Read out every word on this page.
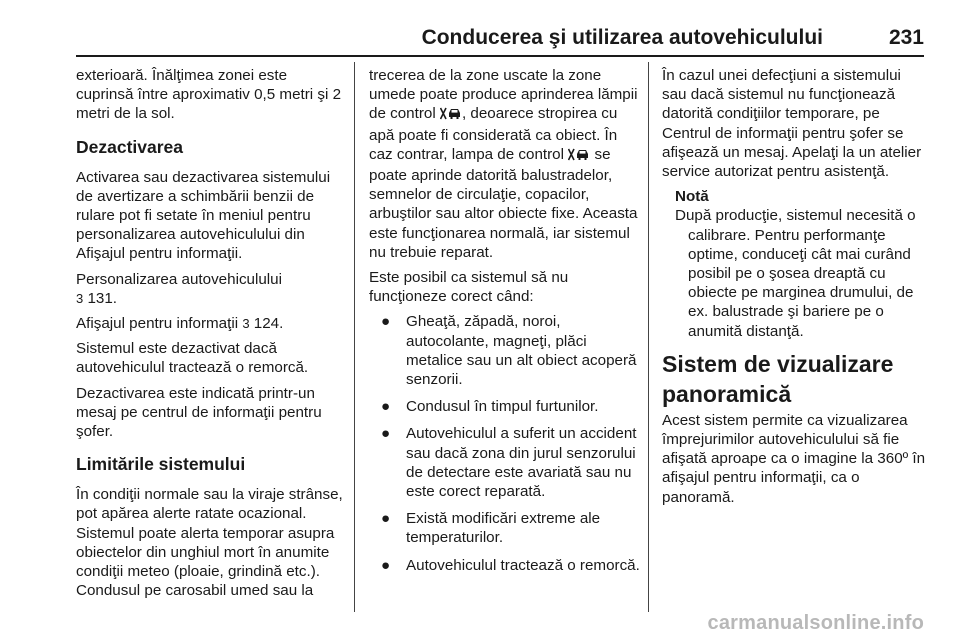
Conducerea şi utilizarea autovehiculului	231

exterioară. Înălţimea zonei este cuprinsă între aproximativ 0,5 metri şi 2 metri de la sol.

Dezactivarea

Activarea sau dezactivarea sistemului de avertizare a schimbării benzii de rulare pot fi setate în meniul pentru personalizarea autovehiculului din Afişajul pentru informaţii.

Personalizarea autovehiculului
3 131.

Afişajul pentru informaţii 3 124.

Sistemul este dezactivat dacă autovehiculul tractează o remorcă.

Dezactivarea este indicată printr-un mesaj pe centrul de informaţii pentru şofer.

Limitările sistemului

În condiţii normale sau la viraje strânse, pot apărea alerte ratate ocazional. Sistemul poate alerta temporar asupra obiectelor din unghiul mort în anumite condiţii meteo (ploaie, grindină etc.). Condusul pe carosabil umed sau la

trecerea de la zone uscate la zone umede poate produce aprinderea lămpii de control , deoarece stropirea cu apă poate fi considerată ca obiect. În caz contrar, lampa de control se poate aprinde datorită balustradelor, semnelor de circulaţie, copacilor, arbuştilor sau altor obiecte fixe. Aceasta este funcţionarea normală, iar sistemul nu trebuie reparat.

Este posibil ca sistemul să nu funcţioneze corect când:

● Gheaţă, zăpadă, noroi, autocolante, magneţi, plăci metalice sau un alt obiect acoperă senzorii.
● Condusul în timpul furtunilor.
● Autovehiculul a suferit un accident sau dacă zona din jurul senzorului de detectare este avariată sau nu este corect reparată.
● Există modificări extreme ale temperaturilor.
● Autovehiculul tractează o remorcă.

În cazul unei defecţiuni a sistemului sau dacă sistemul nu funcţionează datorită condiţiilor temporare, pe Centrul de informaţii pentru şofer se afişează un mesaj. Apelaţi la un atelier service autorizat pentru asistenţă.

Notă
După producţie, sistemul necesită o calibrare. Pentru performanţe optime, conduceţi cât mai curând posibil pe o şosea dreaptă cu obiecte pe marginea drumului, de ex. balustrade şi bariere pe o anumită distanţă.
Sistem de vizualizare panoramică

Acest sistem permite ca vizualizarea împrejurimilor autovehiculului să fie afişată aproape ca o imagine la 360º în afişajul pentru informaţii, ca o panoramă.

carmanualsonline.info
